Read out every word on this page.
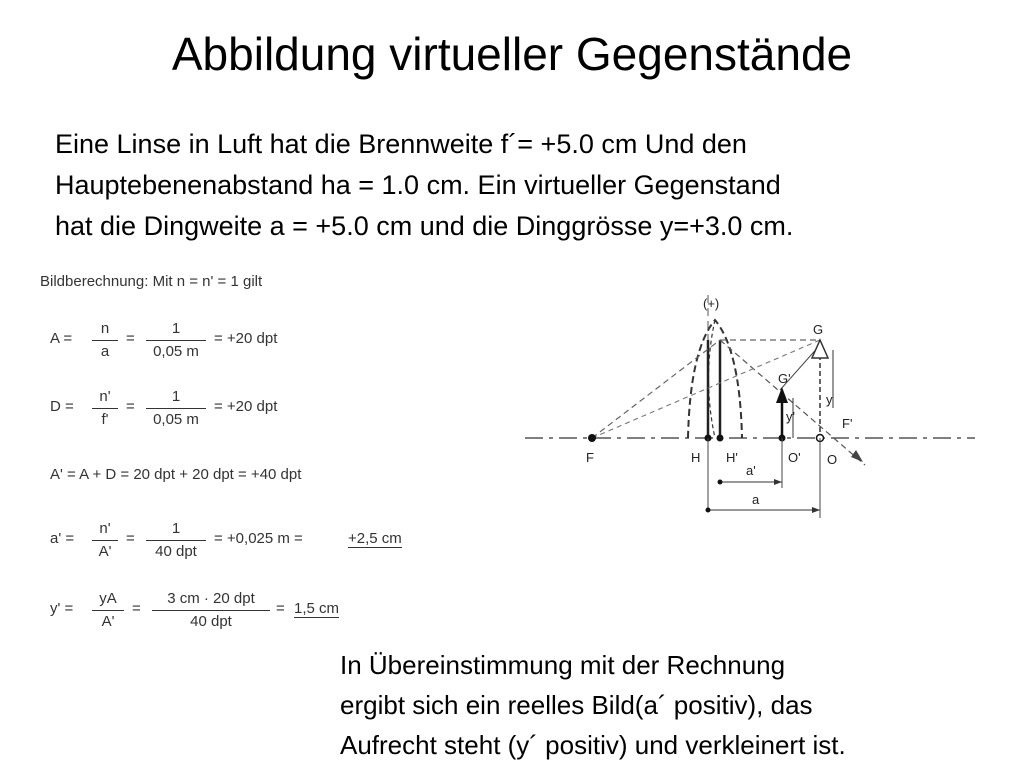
Abbildung virtueller Gegenstände
Eine Linse in Luft hat die Brennweite f´= +5.0 cm Und den
Hauptebenenabstand ha = 1.0 cm. Ein virtueller Gegenstand
hat die Dingweite a = +5.0 cm und die Dinggrösse y=+3.0 cm.
Bildberechnung: Mit n = n' = 1 gilt
$A = \frac{n}{a} = \frac{1}{0,05 m} = +20$ dpt
$D = \frac{n'}{f'} = \frac{1}{0,05 m} = +20$ dpt
A' = A + D = 20 dpt + 20 dpt = +40 dpt
$a' = \frac{n'}{A'}$ =
1
40 dpt
= +0,025 m =	+2,5 cm
$y' = \frac{yA}{A'}$ =
3 cm · 20 dpt
40 dpt
= 1,5 cm
(+)
F	H H'	O' O
G
G'
y
y'	F'
a'
a
In Übereinstimmung mit der Rechnung
ergibt sich ein reelles Bild(a´ positiv), das
Aufrecht steht (y´ positiv) und verkleinert ist.
